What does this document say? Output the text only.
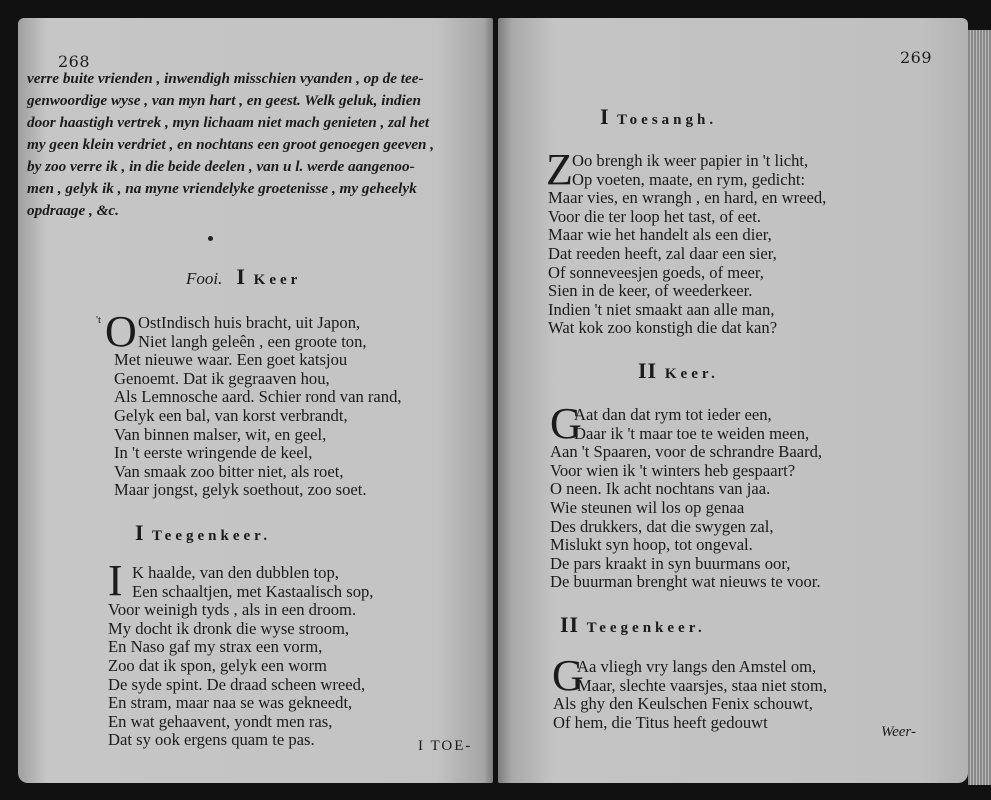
268
verre buite vrienden , inwendigh misschien vyanden , op de tee-
genwoordige wyse , van myn hart , en geest. Welk geluk, indien
door haastigh vertrek , myn lichaam niet mach genieten , zal het
my geen klein verdriet , en nochtans een groot genoegen geeven ,
by zoo verre ik , in die beide deelen , van u l. werde aangenoo-
men , gelyk ik , na myne vriendelyke groetenisse , my geheelyk
opdraage , &c.
Fooi. I Keer
't O OstIndisch huis bracht, uit Japon,
Niet langh geleên , een groote ton,
Met nieuwe waar. Een goet katsjou
Genoemt. Dat ik gegraaven hou,
Als Lemnosche aard. Schier rond van rand,
Gelyk een bal, van korst verbrandt,
Van binnen malser, wit, en geel,
In 't eerste wringende de keel,
Van smaak zoo bitter niet, als roet,
Maar jongst, gelyk soethout, zoo soet.
I Teegenkeer.
I K haalde, van den dubblen top,
Een schaaltjen, met Kastaalisch sop,
Voor weinigh tyds , als in een droom.
My docht ik dronk die wyse stroom,
En Naso gaf my strax een vorm,
Zoo dat ik spon, gelyk een worm
De syde spint. De draad scheen wreed,
En stram, maar naa se was gekneedt,
En wat gehaavent, yondt men ras,
Dat sy ook ergens quam te pas.	I TOE-
269
I Toesangh.
Z Oo brengh ik weer papier in 't licht,
Op voeten, maate, en rym, gedicht:
Maar vies, en wrangh , en hard, en wreed,
Voor die ter loop het tast, of eet.
Maar wie het handelt als een dier,
Dat reeden heeft, zal daar een sier,
Of sonneveesjen goeds, of meer,
Sien in de keer, of weederkeer.
Indien 't niet smaakt aan alle man,
Wat kok zoo konstigh die dat kan?
II Keer.
G
Aat dan dat rym tot ieder een,
Daar ik 't maar toe te weiden meen,
Aan 't Spaaren, voor de schrandre Baard,
Voor wien ik 't winters heb gespaart?
O neen. Ik acht nochtans van jaa.
Wie steunen wil los op genaa
Des drukkers, dat die swygen zal,
Mislukt syn hoop, tot ongeval.
De pars kraakt in syn buurmans oor,
De buurman brenght wat nieuws te voor.
II Teegenkeer.
G
Aa vliegh vry langs den Amstel om,
Maar, slechte vaarsjes, staa niet stom,
Als ghy den Keulschen Fenix schouwt,
Of hem, die Titus heeft gedouwt
Weer-
